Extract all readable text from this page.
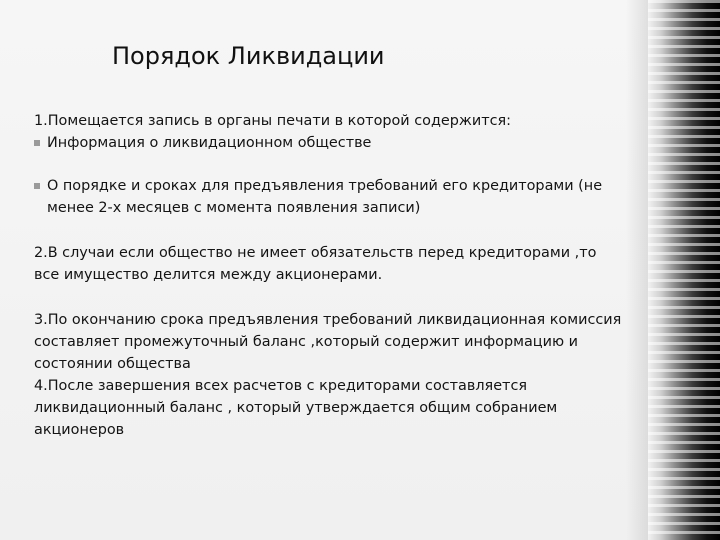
Порядок Ликвидации

1.Помещается запись в органы печати в которой содержится:

Информация о ликвидационном обществе
О порядке и сроках для предъявления требований его кредиторами (не менее 2-х месяцев с момента появления записи)

2.В случаи если общество не имеет обязательств перед кредиторами ,то все имущество делится между акционерами.

3.По окончанию срока предъявления требований ликвидационная комиссия составляет промежуточный баланс ,который содержит информацию и состоянии общества

4.После завершения всех расчетов с кредиторами составляется ликвидационный баланс , который утверждается общим собранием акционеров
